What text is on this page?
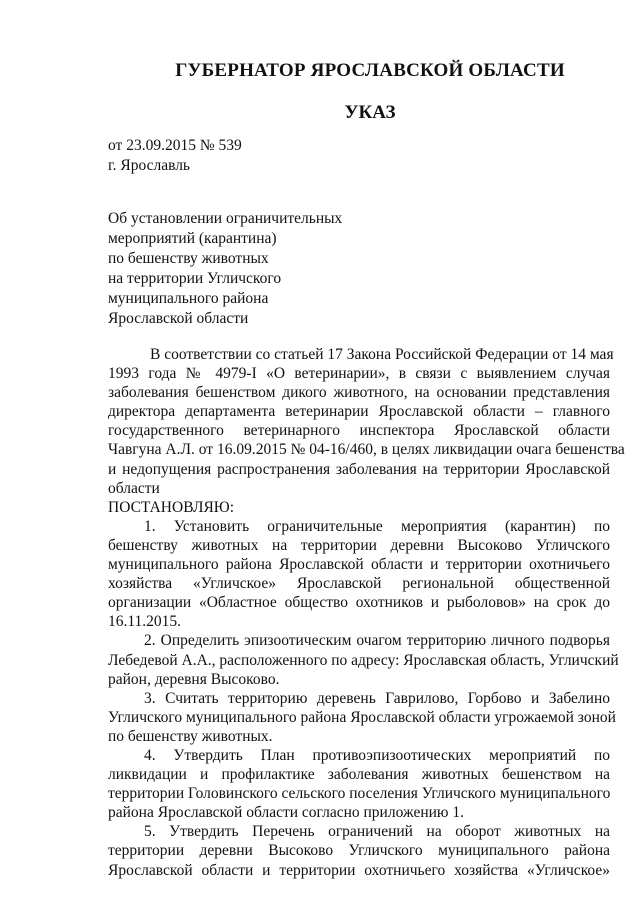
ГУБЕРНАТОР ЯРОСЛАВСКОЙ ОБЛАСТИ
УКАЗ
от 23.09.2015 № 539
г. Ярославль
Об установлении ограничительных
мероприятий (карантина)
по бешенству животных
на территории Угличского
муниципального района
Ярославской области
В соответствии со статьей 17 Закона Российской Федерации от 14 мая
1993 года № 4979-I «О ветеринарии», в связи с выявлением случая
заболевания бешенством дикого животного, на основании представления
директора департамента ветеринарии Ярославской области – главного
государственного ветеринарного инспектора Ярославской области
Чавгуна А.Л. от 16.09.2015 № 04-16/460, в целях ликвидации очага бешенства
и недопущения распространения заболевания на территории Ярославской
области
ПОСТАНОВЛЯЮ:
1. Установить ограничительные мероприятия (карантин) по
бешенству животных на территории деревни Высоково Угличского
муниципального района Ярославской области и территории охотничьего
хозяйства «Угличское» Ярославской региональной общественной
организации «Областное общество охотников и рыболовов» на срок до
16.11.2015.
2. Определить эпизоотическим очагом территорию личного подворья
Лебедевой А.А., расположенного по адресу: Ярославская область, Угличский
район, деревня Высоково.
3. Считать территорию деревень Гаврилово, Горбово и Забелино
Угличского муниципального района Ярославской области угрожаемой зоной
по бешенству животных.
4. Утвердить План противоэпизоотических мероприятий по
ликвидации и профилактике заболевания животных бешенством на
территории Головинского сельского поселения Угличского муниципального
района Ярославской области согласно приложению 1.
5. Утвердить Перечень ограничений на оборот животных на
территории деревни Высоково Угличского муниципального района
Ярославской области и территории охотничьего хозяйства «Угличское»
